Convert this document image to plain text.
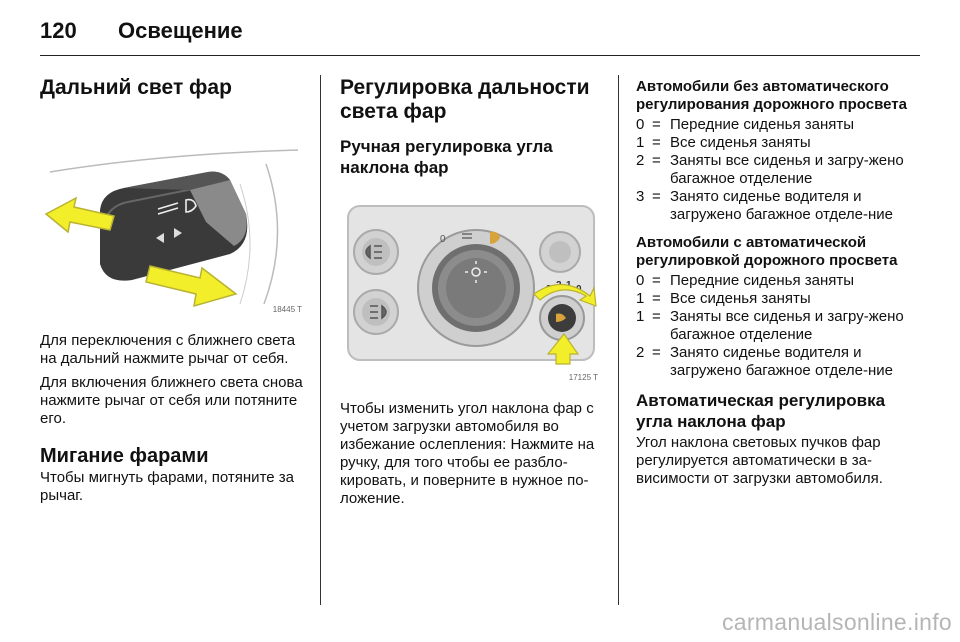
120 Освещение
Дальний свет фар
18445 T

Для переключения с ближнего света на дальний нажмите рычаг от себя.

Для включения ближнего света снова нажмите рычаг от себя или потяните его.

Мигание фарами

Чтобы мигнуть фарами, потяните за рычаг.

Регулировка дальности света фар
Ручная регулировка угла наклона фар
0
17125 T

Чтобы изменить угол наклона фар с учетом загрузки автомобиля во избежание ослепления: Нажмите на ручку, для того чтобы ее разбло-кировать, и поверните в нужное по-ложение.

Автомобили без автоматического регулирования дорожного просвета
0 = Передние сиденья заняты
1 = Все сиденья заняты
2 = Заняты все сиденья и загру-жено багажное отделение
3 = Занято сиденье водителя и загружено багажное отделе-ние
Автомобили с автоматической регулировкой дорожного просвета
0 = Передние сиденья заняты
1 = Все сиденья заняты
1 = Заняты все сиденья и загру-жено багажное отделение
2 = Занято сиденье водителя и загружено багажное отделе-ние
Автоматическая регулировка угла наклона фар

Угол наклона световых пучков фар регулируется автоматически в за-висимости от загрузки автомобиля.

carmanualsonline.info
